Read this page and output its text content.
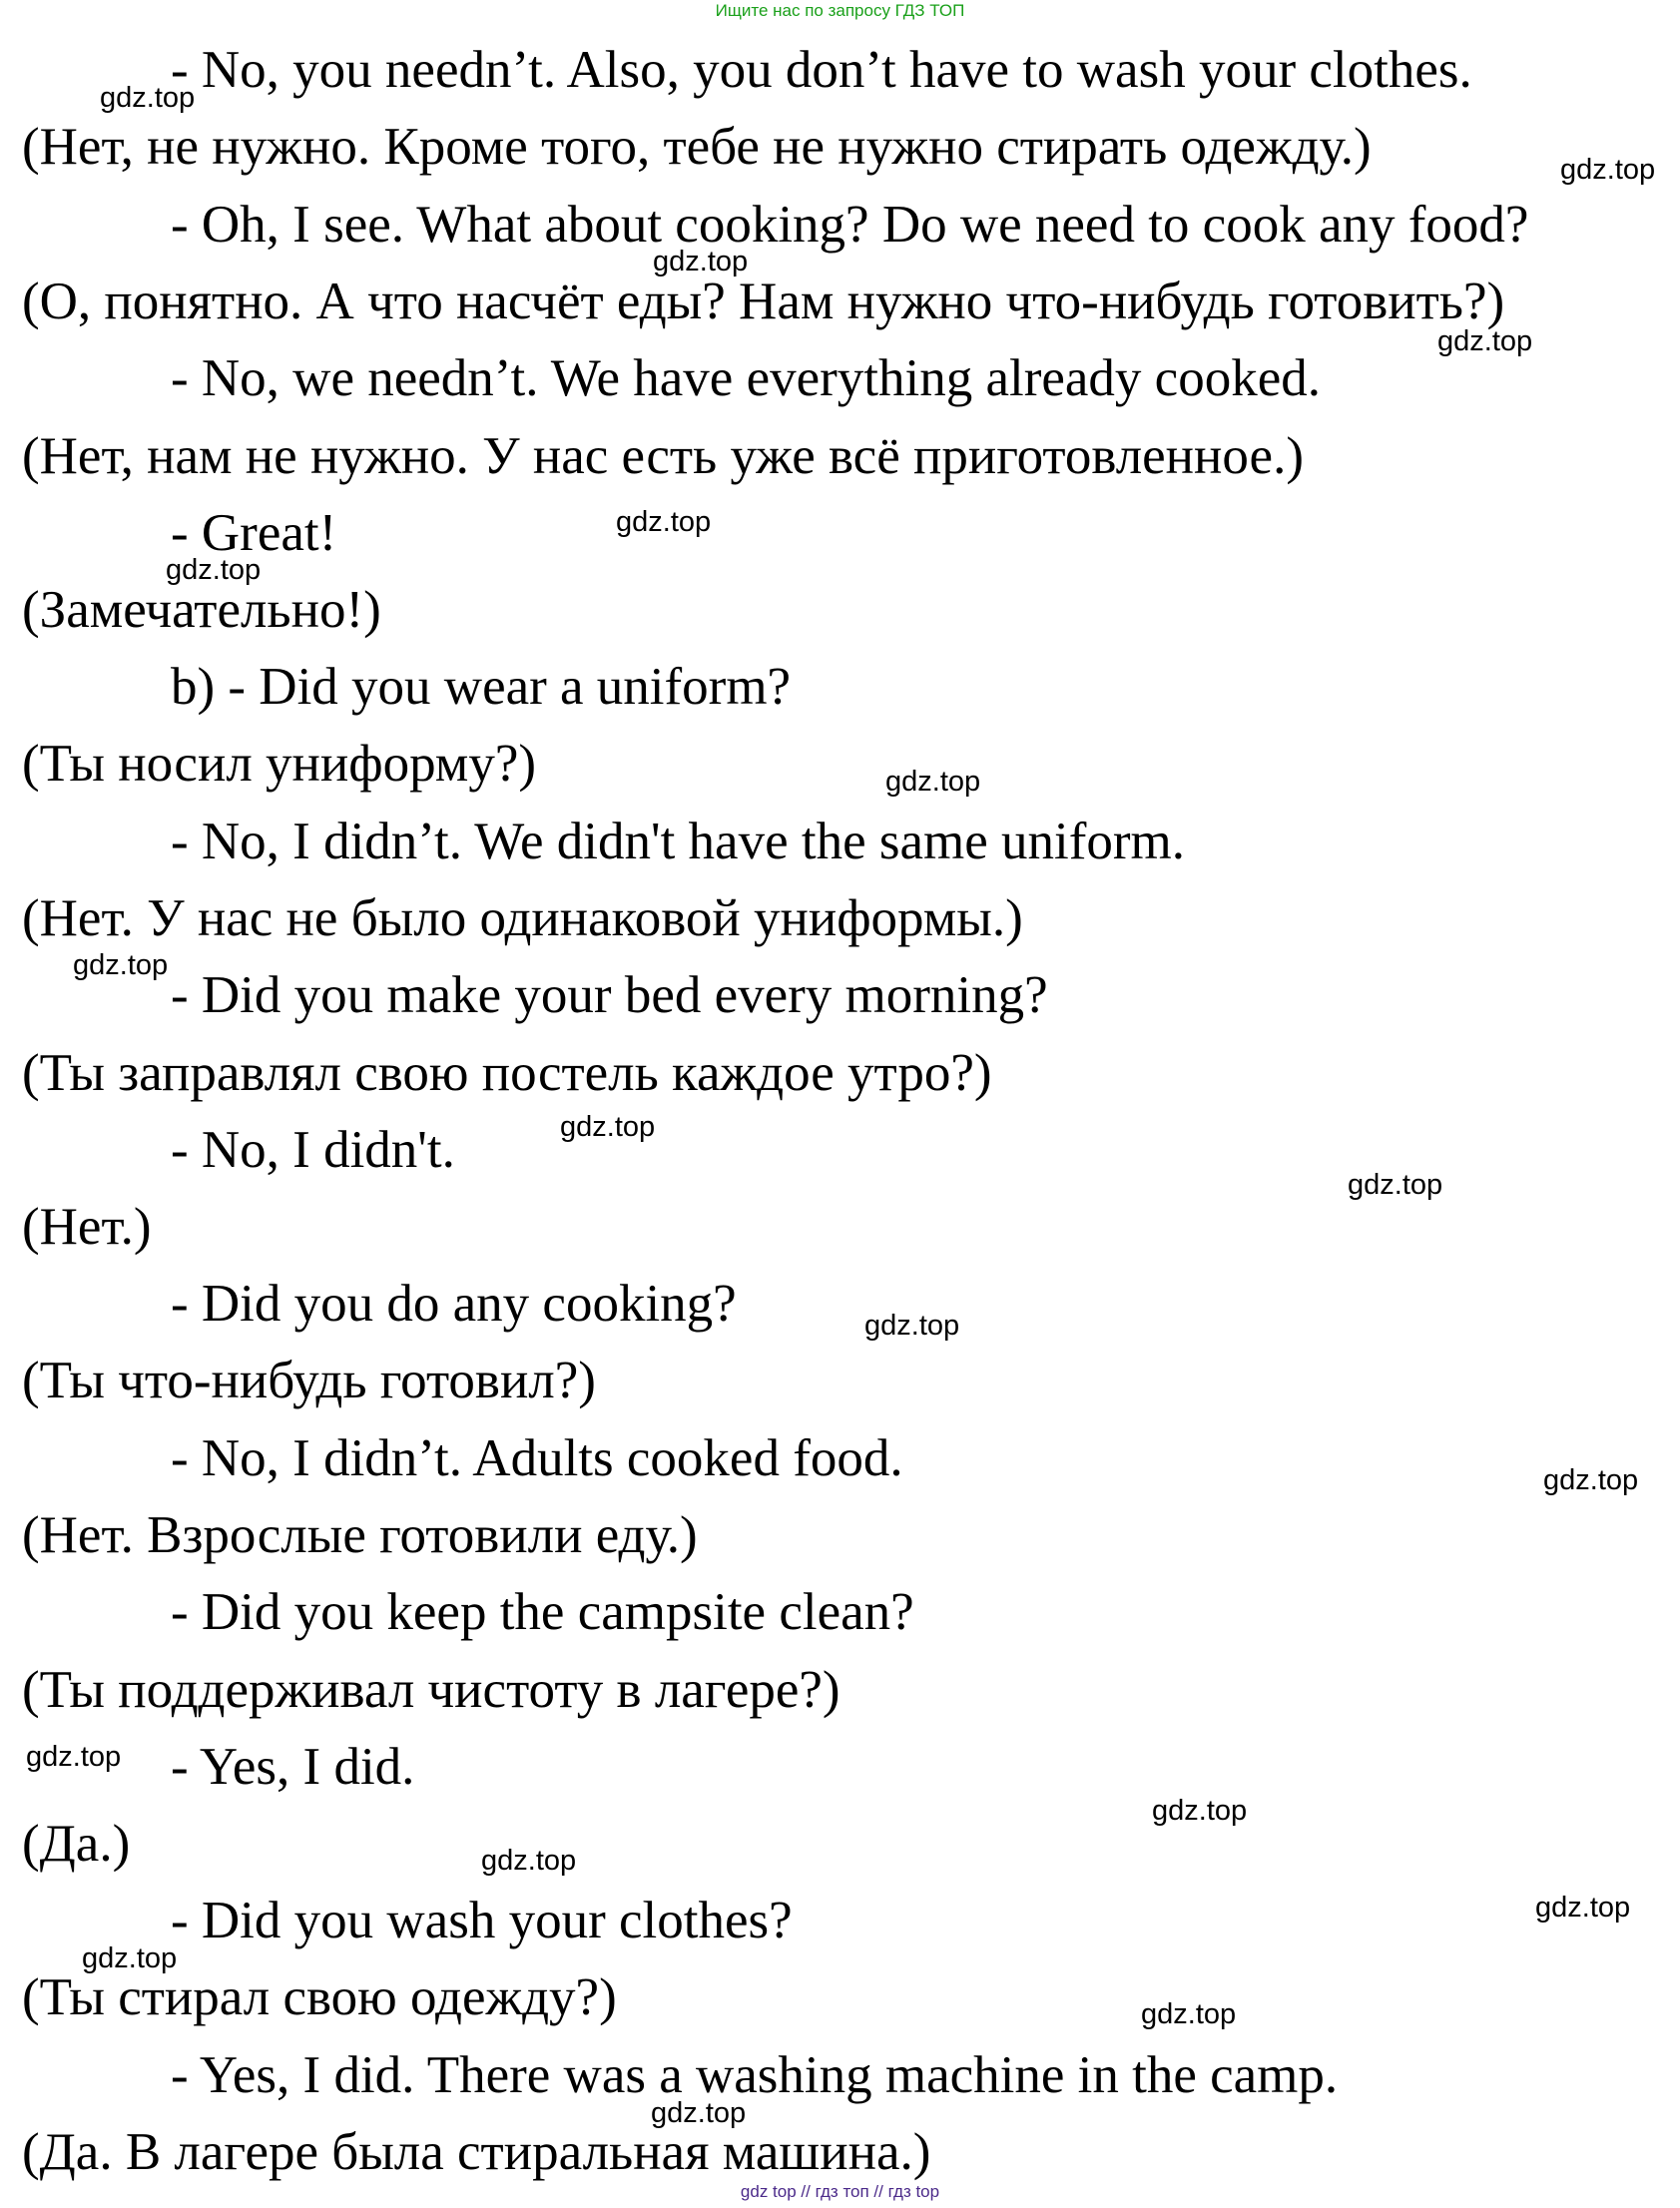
Ищите нас по запросу ГДЗ ТОП
- No, you needn’t. Also, you don’t have to wash your clothes.
(Нет, не нужно. Кроме того, тебе не нужно стирать одежду.)
- Oh, I see. What about cooking? Do we need to cook any food?
(О, понятно. А что насчёт еды? Нам нужно что-нибудь готовить?)
- No, we needn’t. We have everything already cooked.
(Нет, нам не нужно. У нас есть уже всё приготовленное.)
- Great!
(Замечательно!)
b) - Did you wear a uniform?
(Ты носил униформу?)
- No, I didn’t. We didn't have the same uniform.
(Нет. У нас не было одинаковой униформы.)
- Did you make your bed every morning?
(Ты заправлял свою постель каждое утро?)
- No, I didn't.
(Нет.)
- Did you do any cooking?
(Ты что-нибудь готовил?)
- No, I didn’t. Adults cooked food.
(Нет. Взрослые готовили еду.)
- Did you keep the campsite clean?
(Ты поддерживал чистоту в лагере?)
- Yes, I did.
(Да.)
- Did you wash your clothes?
(Ты стирал свою одежду?)
- Yes, I did. There was a washing machine in the camp.
(Да. В лагере была стиральная машина.)
gdz.top
gdz.top
gdz.top
gdz.top
gdz.top
gdz.top
gdz.top
gdz.top
gdz.top
gdz.top
gdz.top
gdz.top
gdz.top
gdz.top
gdz.top
gdz.top
gdz.top
gdz.top
gdz.top
gdz top // гдз топ // гдз top
